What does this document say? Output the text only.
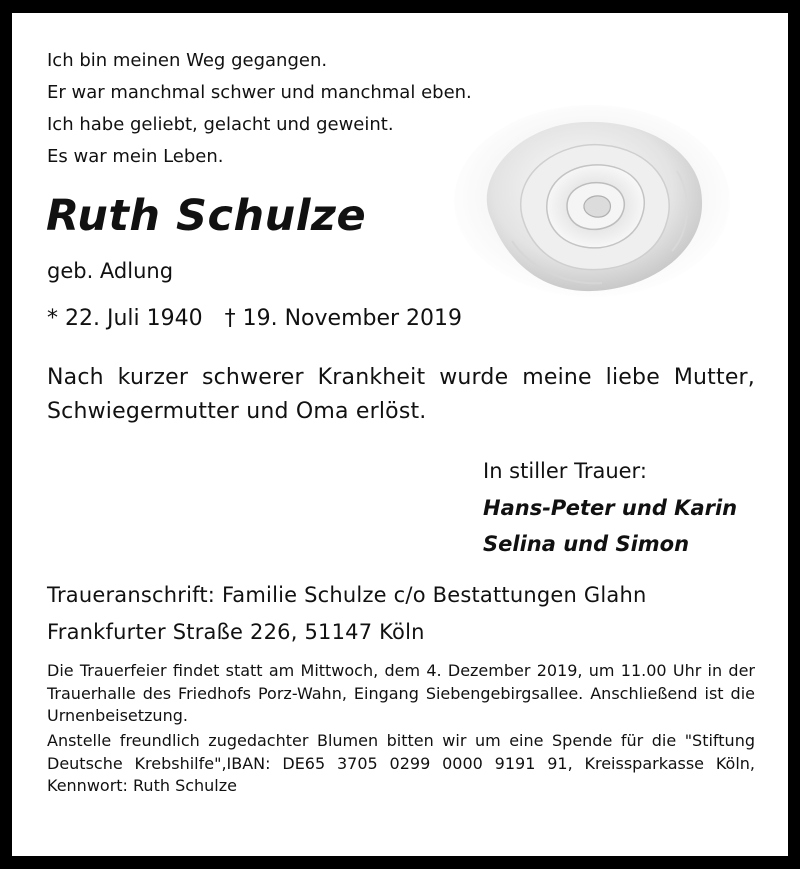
Ich bin meinen Weg gegangen.
Er war manchmal schwer und manchmal eben.
Ich habe geliebt, gelacht und geweint.
Es war mein Leben.
Ruth Schulze
geb. Adlung
* 22. Juli 1940 † 19. November 2019
Nach kurzer schwerer Krankheit wurde meine liebe Mutter, Schwiegermutter und Oma erlöst.
In stiller Trauer:
Hans-Peter und Karin
Selina und Simon
Traueranschrift: Familie Schulze c/o Bestattungen Glahn
Frankfurter Straße 226, 51147 Köln
Die Trauerfeier findet statt am Mittwoch, dem 4. Dezember 2019, um 11.00 Uhr in der Trauerhalle des Friedhofs Porz-Wahn, Eingang Siebengebirgsallee. Anschließend ist die Urnenbeisetzung.
Anstelle freundlich zugedachter Blumen bitten wir um eine Spende für die "Stiftung Deutsche Krebshilfe",IBAN: DE65 3705 0299 0000 9191 91, Kreissparkasse Köln, Kennwort: Ruth Schulze
